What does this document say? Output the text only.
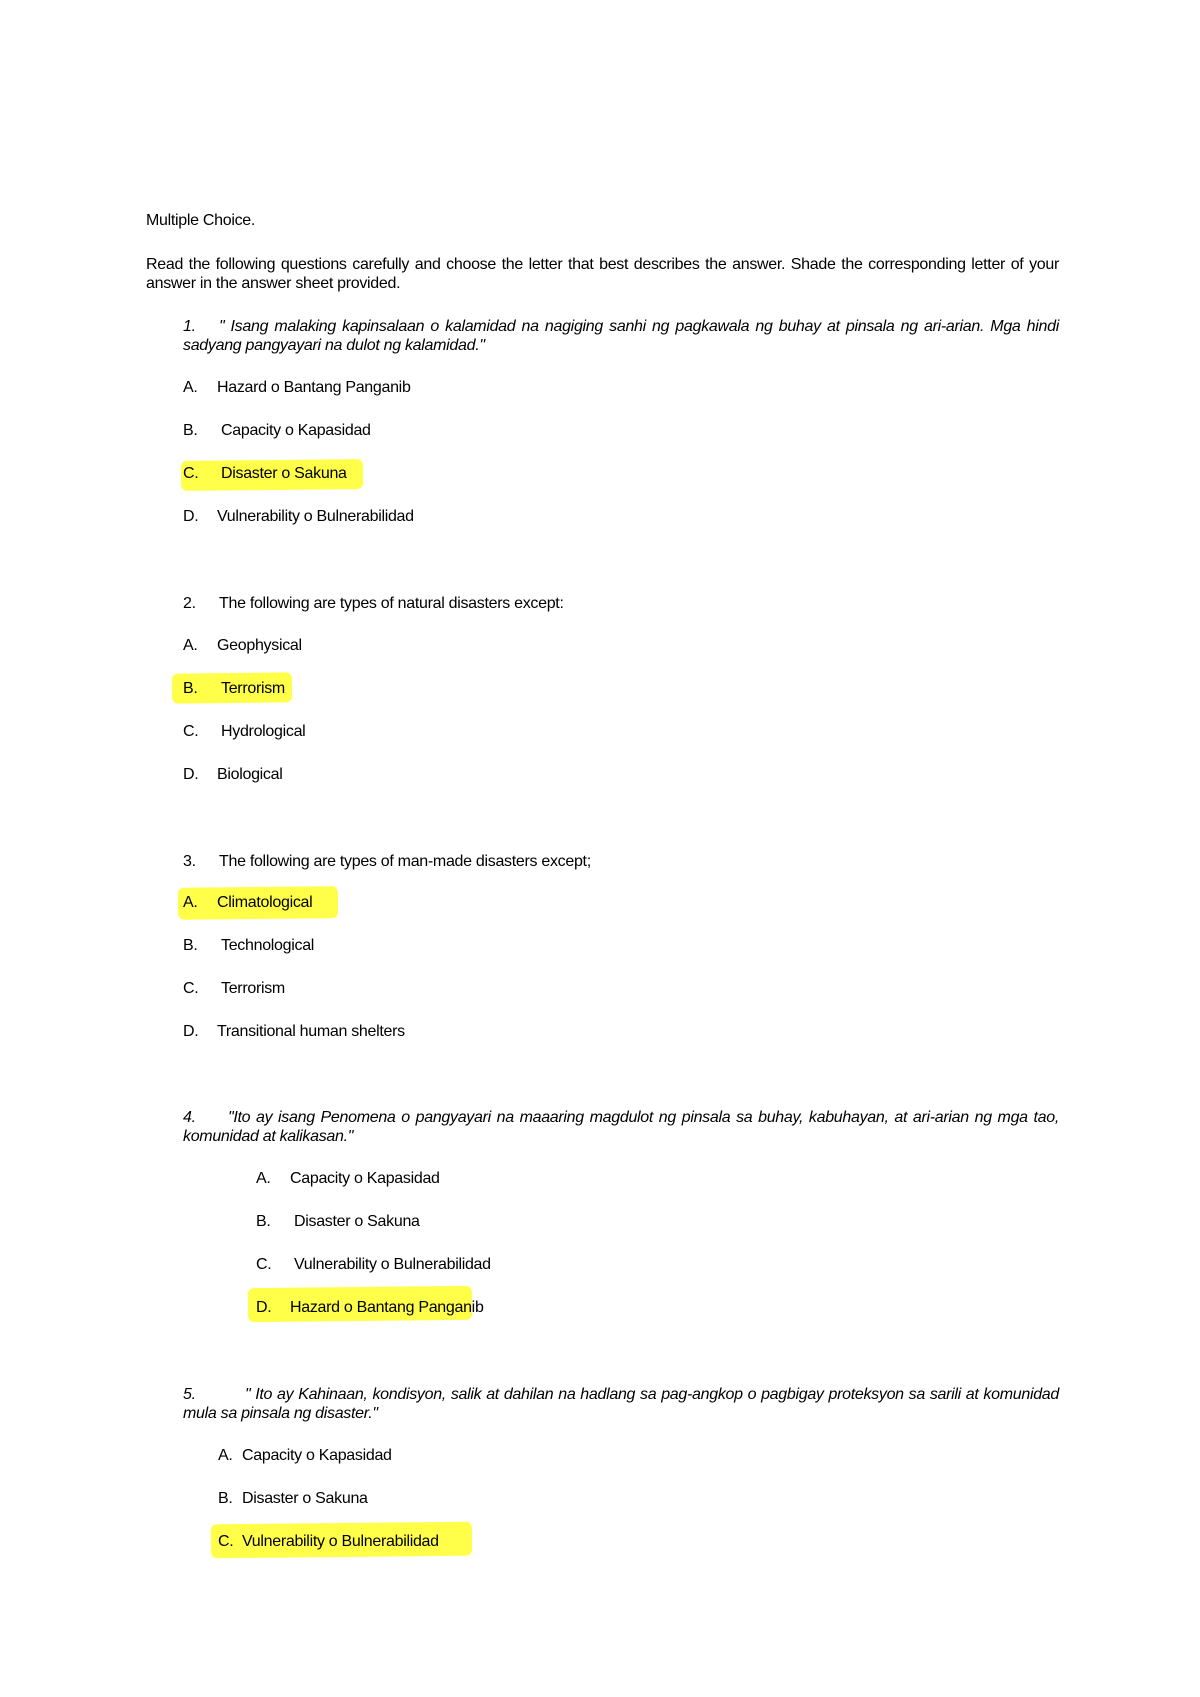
Multiple Choice.
Read the following questions carefully and choose the letter that best describes the answer. Shade the corresponding letter of your answer in the answer sheet provided.
1. " Isang malaking kapinsalaan o kalamidad na nagiging sanhi ng pagkawala ng buhay at pinsala ng ari-arian. Mga hindi sadyang pangyayari na dulot ng kalamidad."
A. Hazard o Bantang Panganib
B. Capacity o Kapasidad
C. Disaster o Sakuna
D. Vulnerability o Bulnerabilidad
2. The following are types of natural disasters except:
A. Geophysical
B. Terrorism
C. Hydrological
D. Biological
3. The following are types of man-made disasters except;
A. Climatological
B. Technological
C. Terrorism
D. Transitional human shelters
4. "Ito ay isang Penomena o pangyayari na maaaring magdulot ng pinsala sa buhay, kabuhayan, at ari-arian ng mga tao, komunidad at kalikasan."
A. Capacity o Kapasidad
B. Disaster o Sakuna
C. Vulnerability o Bulnerabilidad
D. Hazard o Bantang Panganib
5.	" Ito ay Kahinaan, kondisyon, salik at dahilan na hadlang sa pag-angkop o pagbigay proteksyon sa sarili at komunidad mula sa pinsala ng disaster."
A. Capacity o Kapasidad
B. Disaster o Sakuna
C. Vulnerability o Bulnerabilidad
